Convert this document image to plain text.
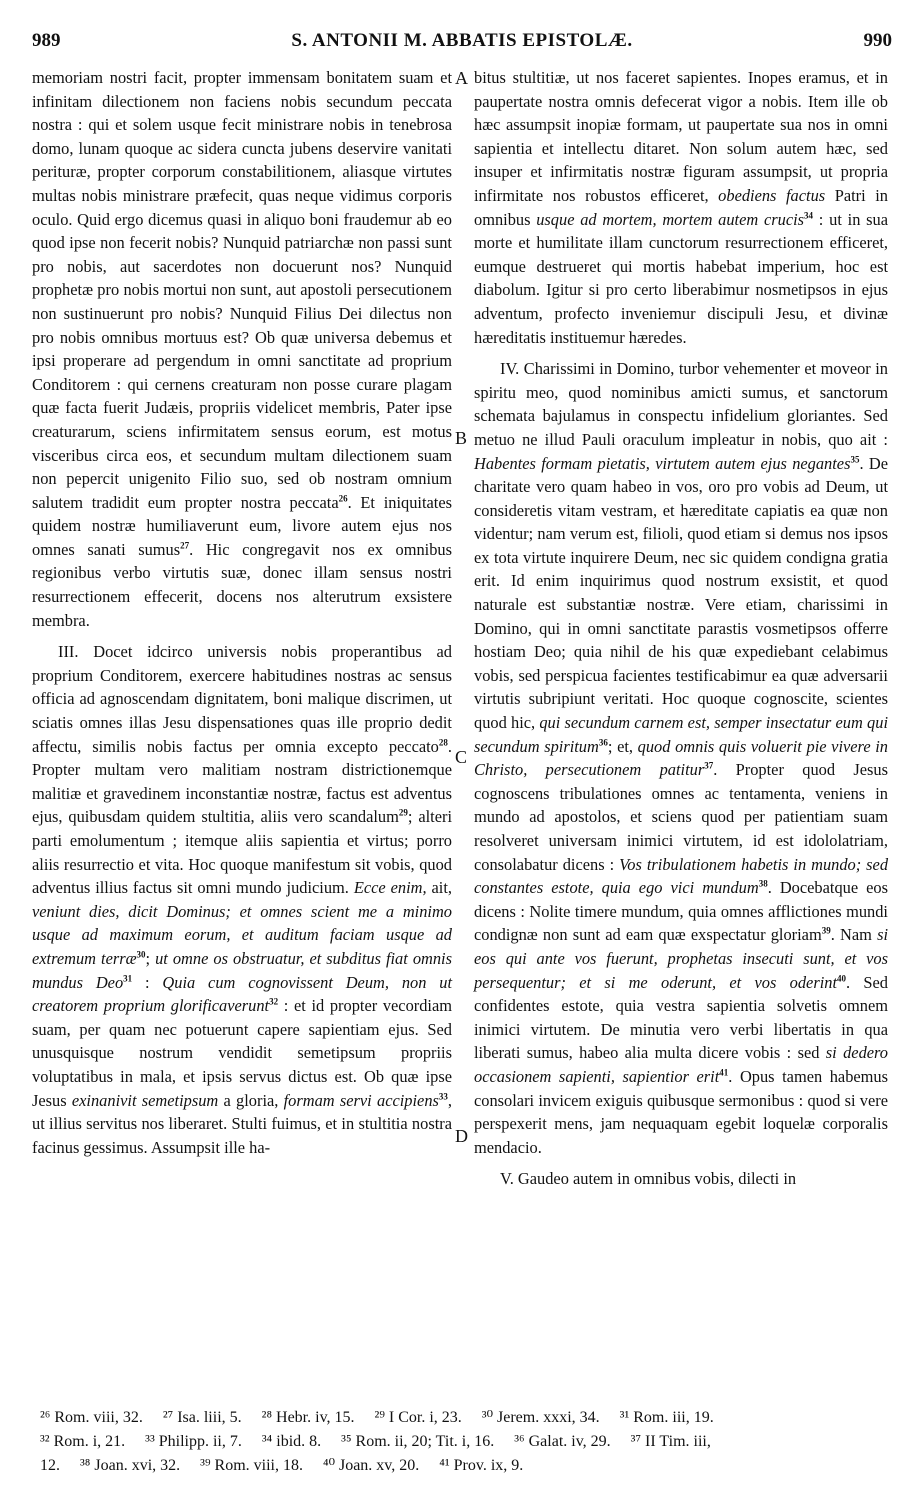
989	S. ANTONII M. ABBATIS EPISTOLÆ.	990
A
B
C
D

memoriam nostri facit, propter immensam bonitatem suam et infinitam dilectionem non faciens nobis secundum peccata nostra : qui et solem usque fecit ministrare nobis in tenebrosa domo, lunam quoque ac sidera cuncta jubens deservire vanitati perituræ, propter corporum constabilitionem, aliasque virtutes multas nobis ministrare præfecit, quas neque vidimus corporis oculo. Quid ergo dicemus quasi in aliquo boni fraudemur ab eo quod ipse non fecerit nobis? Nunquid patriarchæ non passi sunt pro nobis, aut sacerdotes non docuerunt nos? Nunquid prophetæ pro nobis mortui non sunt, aut apostoli persecutionem non sustinuerunt pro nobis? Nunquid Filius Dei dilectus non pro nobis omnibus mortuus est? Ob quæ universa debemus et ipsi properare ad pergendum in omni sanctitate ad proprium Conditorem : qui cernens creaturam non posse curare plagam quæ facta fuerit Judæis, propriis videlicet membris, Pater ipse creaturarum, sciens infirmitatem sensus eorum, est motus visceribus circa eos, et secundum multam dilectionem suam non pepercit unigenito Filio suo, sed ob nostram omnium salutem tradidit eum propter nostra peccata$^{26}$. Et iniquitates quidem nostræ humiliaverunt eum, livore autem ejus nos omnes sanati sumus$^{27}$. Hic congregavit nos ex omnibus regionibus verbo virtutis suæ, donec illam sensus nostri resurrectionem effecerit, docens nos alterutrum exsistere membra.

III. Docet idcirco universis nobis properantibus ad proprium Conditorem, exercere habitudines nostras ac sensus officia ad agnoscendam dignitatem, boni malique discrimen, ut sciatis omnes illas Jesu dispensationes quas ille proprio dedit affectu, similis nobis factus per omnia excepto peccato$^{28}$. Propter multam vero malitiam nostram districtionemque malitiæ et gravedinem inconstantiæ nostræ, factus est adventus ejus, quibusdam quidem stultitia, aliis vero scandalum$^{29}$; alteri parti emolumentum ; itemque aliis sapientia et virtus; porro aliis resurrectio et vita. Hoc quoque manifestum sit vobis, quod adventus illius factus sit omni mundo judicium. Ecce enim, ait, veniunt dies, dicit Dominus; et omnes scient me a minimo usque ad maximum eorum, et auditum faciam usque ad extremum terræ$^{30}$; ut omne os obstruatur, et subditus fiat omnis mundus Deo$^{31}$ : Quia cum cognovissent Deum, non ut creatorem proprium glorificaverunt$^{32}$ : et id propter vecordiam suam, per quam nec potuerunt capere sapientiam ejus. Sed unusquisque nostrum vendidit semetipsum propriis voluptatibus in mala, et ipsis servus dictus est. Ob quæ ipse Jesus exinanivit semetipsum a gloria, formam servi accipiens$^{33}$, ut illius servitus nos liberaret. Stulti fuimus, et in stultitia nostra facinus gessimus. Assumpsit ille ha-

bitus stultitiæ, ut nos faceret sapientes. Inopes eramus, et in paupertate nostra omnis defecerat vigor a nobis. Item ille ob hæc assumpsit inopiæ formam, ut paupertate sua nos in omni sapientia et intellectu ditaret. Non solum autem hæc, sed insuper et infirmitatis nostræ figuram assumpsit, ut propria infirmitate nos robustos efficeret, obediens factus Patri in omnibus usque ad mortem, mortem autem crucis$^{34}$ : ut in sua morte et humilitate illam cunctorum resurrectionem efficeret, eumque destrueret qui mortis habebat imperium, hoc est diabolum. Igitur si pro certo liberabimur nosmetipsos in ejus adventum, profecto inveniemur discipuli Jesu, et divinæ hæreditatis instituemur hæredes.

IV. Charissimi in Domino, turbor vehementer et moveor in spiritu meo, quod nominibus amicti sumus, et sanctorum schemata bajulamus in conspectu infidelium gloriantes. Sed metuo ne illud Pauli oraculum impleatur in nobis, quo ait : Habentes formam pietatis, virtutem autem ejus negantes$^{35}$. De charitate vero quam habeo in vos, oro pro vobis ad Deum, ut consideretis vitam vestram, et hæreditate capiatis ea quæ non videntur; nam verum est, filioli, quod etiam si demus nos ipsos ex tota virtute inquirere Deum, nec sic quidem condigna gratia erit. Id enim inquirimus quod nostrum exsistit, et quod naturale est substantiæ nostræ. Vere etiam, charissimi in Domino, qui in omni sanctitate parastis vosmetipsos offerre hostiam Deo; quia nihil de his quæ expediebant celabimus vobis, sed perspicua facientes testificabimur ea quæ adversarii virtutis subripiunt veritati. Hoc quoque cognoscite, scientes quod hic, qui secundum carnem est, semper insectatur eum qui secundum spiritum$^{36}$; et, quod omnis quis voluerit pie vivere in Christo, persecutionem patitur$^{37}$. Propter quod Jesus cognoscens tribulationes omnes ac tentamenta, veniens in mundo ad apostolos, et sciens quod per patientiam suam resolveret universam inimici virtutem, id est idololatriam, consolabatur dicens : Vos tribulationem habetis in mundo; sed constantes estote, quia ego vici mundum$^{38}$. Docebatque eos dicens : Nolite timere mundum, quia omnes afflictiones mundi condignæ non sunt ad eam quæ exspectatur gloriam$^{39}$. Nam si eos qui ante vos fuerunt, prophetas insecuti sunt, et vos persequentur; et si me oderunt, et vos oderint$^{40}$. Sed confidentes estote, quia vestra sapientia solvetis omnem inimici virtutem. De minutia vero verbi libertatis in qua liberati sumus, habeo alia multa dicere vobis : sed si dedero occasionem sapienti, sapientior erit$^{41}$. Opus tamen habemus consolari invicem exiguis quibusque sermonibus : quod si vere perspexerit mens, jam nequaquam egebit loquelæ corporalis mendacio.

V. Gaudeo autem in omnibus vobis, dilecti in

²⁶ Rom. viii, 32. ²⁷ Isa. liii, 5. ²⁸ Hebr. iv, 15. ²⁹ I Cor. i, 23. ³⁰ Jerem. xxxi, 34. ³¹ Rom. iii, 19.
³² Rom. i, 21. ³³ Philipp. ii, 7. ³⁴ ibid. 8. ³⁵ Rom. ii, 20; Tit. i, 16. ³⁶ Galat. iv, 29. ³⁷ II Tim. iii,
12. ³⁸ Joan. xvi, 32. ³⁹ Rom. viii, 18. ⁴⁰ Joan. xv, 20. ⁴¹ Prov. ix, 9.
